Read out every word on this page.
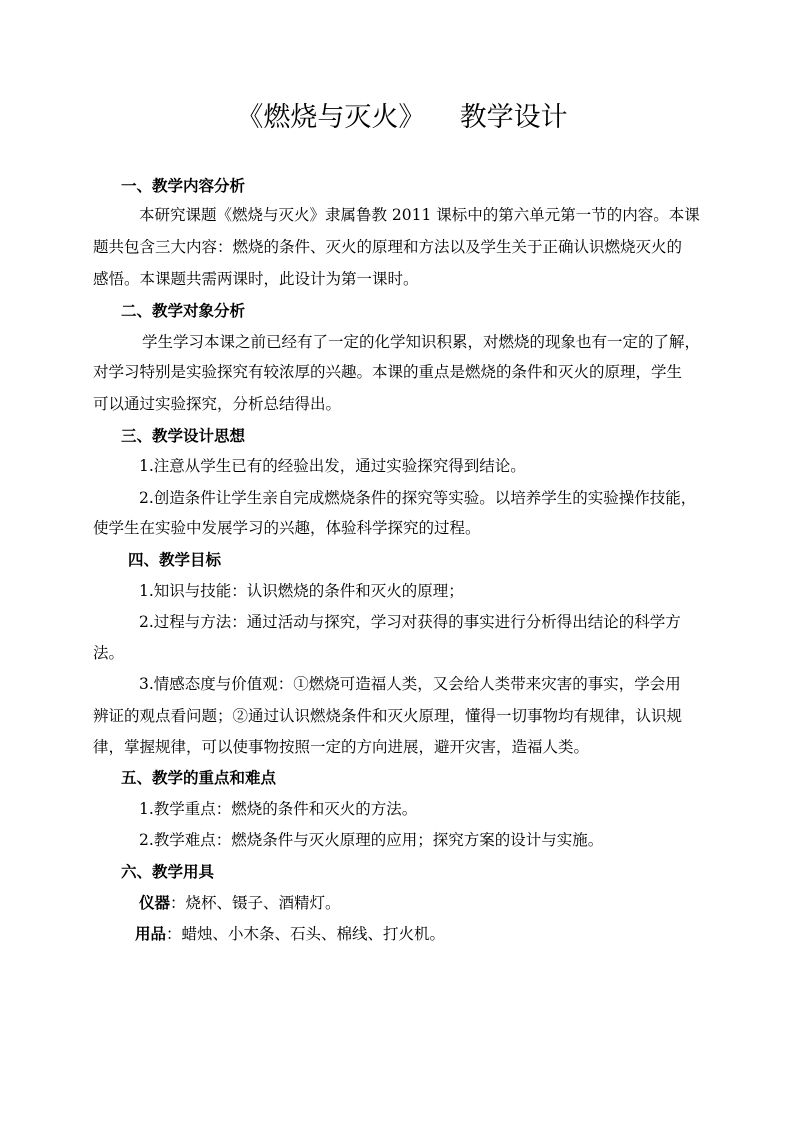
《燃烧与灭火》    教学设计
一、教学内容分析
本研究课题《燃烧与灭火》隶属鲁教 2011 课标中的第六单元第一节的内容。本课
题共包含三大内容：燃烧的条件、灭火的原理和方法以及学生关于正确认识燃烧灭火的
感悟。本课题共需两课时，此设计为第一课时。
二、教学对象分析
学生学习本课之前已经有了一定的化学知识积累，对燃烧的现象也有一定的了解，
对学习特别是实验探究有较浓厚的兴趣。本课的重点是燃烧的条件和灭火的原理，学生
可以通过实验探究，分析总结得出。
三、教学设计思想
1.注意从学生已有的经验出发，通过实验探究得到结论。
2.创造条件让学生亲自完成燃烧条件的探究等实验。以培养学生的实验操作技能，
使学生在实验中发展学习的兴趣，体验科学探究的过程。
四、教学目标
1.知识与技能：认识燃烧的条件和灭火的原理；
2.过程与方法：通过活动与探究，学习对获得的事实进行分析得出结论的科学方
法。
3.情感态度与价值观：①燃烧可造福人类，又会给人类带来灾害的事实，学会用
辨证的观点看问题；②通过认识燃烧条件和灭火原理，懂得一切事物均有规律，认识规
律，掌握规律，可以使事物按照一定的方向进展，避开灾害，造福人类。
五、教学的重点和难点
1.教学重点：燃烧的条件和灭火的方法。
2.教学难点：燃烧条件与灭火原理的应用；探究方案的设计与实施。
六、教学用具
仪器：烧杯、镊子、酒精灯。
用品：蜡烛、小木条、石头、棉线、打火机。
